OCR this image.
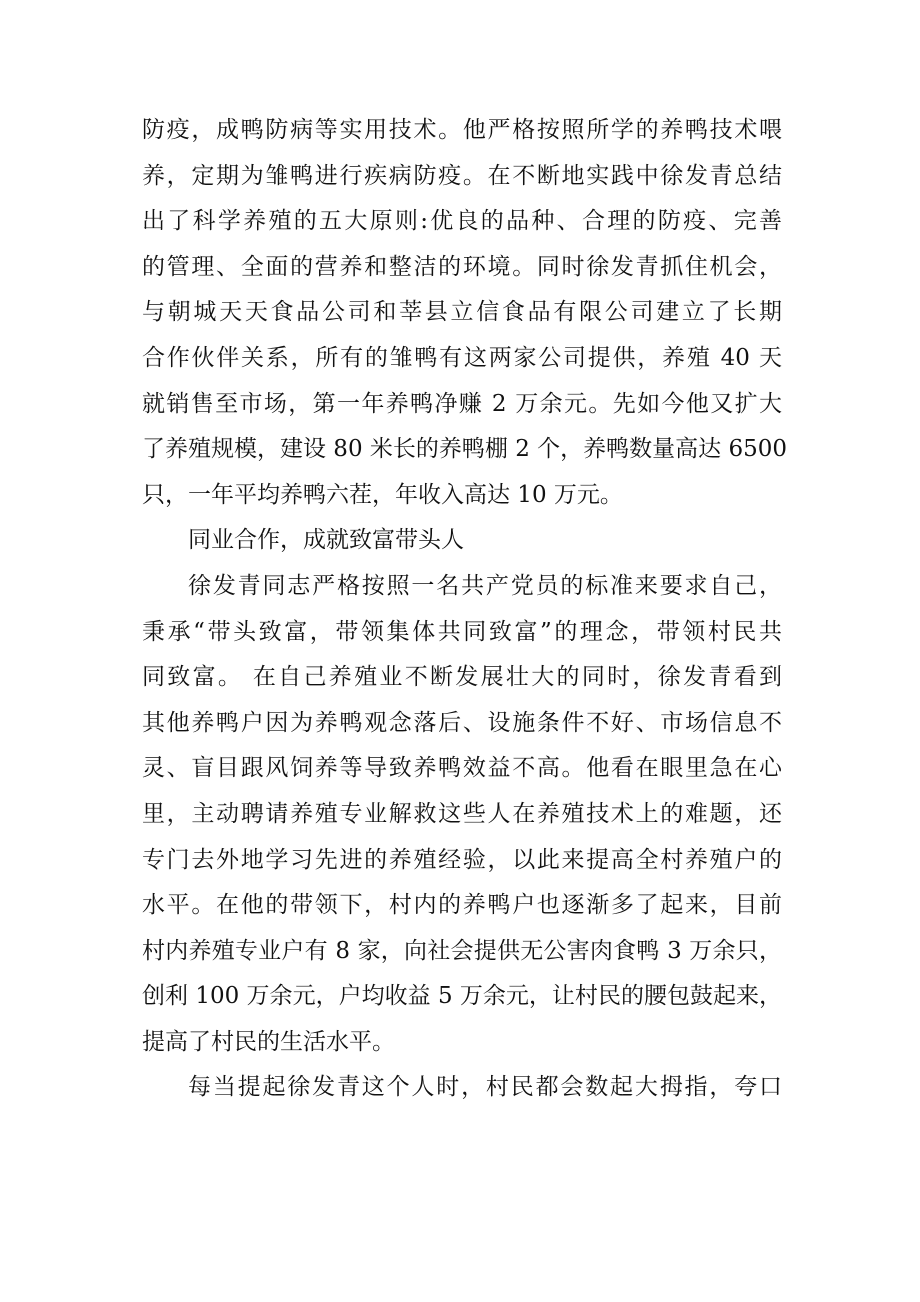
防疫，成鸭防病等实用技术。他严格按照所学的养鸭技术喂
养，定期为雏鸭进行疾病防疫。在不断地实践中徐发青总结
出了科学养殖的五大原则:优良的品种、合理的防疫、完善
的管理、全面的营养和整洁的环境。同时徐发青抓住机会，
与朝城天天食品公司和莘县立信食品有限公司建立了长期
合作伙伴关系，所有的雏鸭有这两家公司提供，养殖 40 天
就销售至市场，第一年养鸭净赚 2 万余元。先如今他又扩大
了养殖规模，建设 80 米长的养鸭棚 2 个，养鸭数量高达 6500
只，一年平均养鸭六茬，年收入高达 10 万元。
同业合作，成就致富带头人
徐发青同志严格按照一名共产党员的标准来要求自己，
秉承“带头致富，带领集体共同致富”的理念，带领村民共
同致富。 在自己养殖业不断发展壮大的同时，徐发青看到
其他养鸭户因为养鸭观念落后、设施条件不好、市场信息不
灵、盲目跟风饲养等导致养鸭效益不高。他看在眼里急在心
里，主动聘请养殖专业解救这些人在养殖技术上的难题，还
专门去外地学习先进的养殖经验，以此来提高全村养殖户的
水平。在他的带领下，村内的养鸭户也逐渐多了起来，目前
村内养殖专业户有 8 家，向社会提供无公害肉食鸭 3 万余只，
创利 100 万余元，户均收益 5 万余元，让村民的腰包鼓起来，
提高了村民的生活水平。
每当提起徐发青这个人时，村民都会数起大拇指，夸口
